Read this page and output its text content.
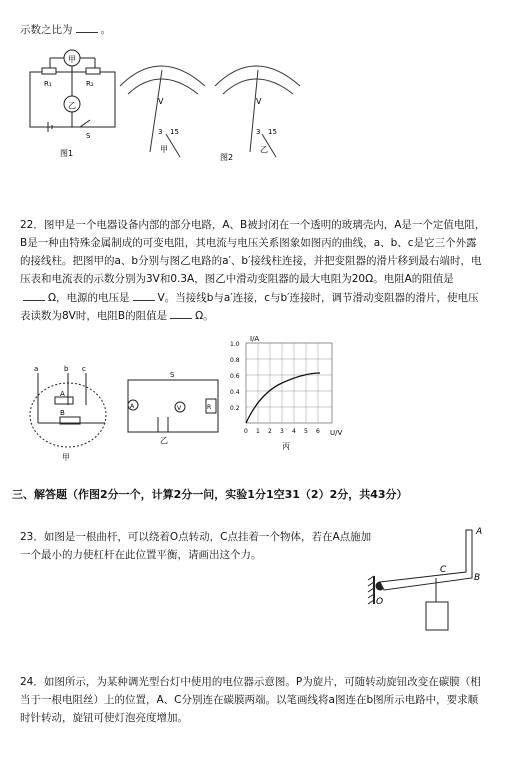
示数之比为	。
甲
R₁	R₂
乙
S
图1
V
3 15
甲
图2
V
3 15
乙
22．图甲是一个电器设备内部的部分电路，A、B被封闭在一个透明的玻璃壳内，A是一个定值电阻，
B是一种由特殊金属制成的可变电阻，其电流与电压关系图象如图丙的曲线，a、b、c是它三个外露
的接线柱。把图甲的a、b分别与图乙电路的a′、b′接线柱连接，并把变阻器的滑片移到最右端时，电
压表和电流表的示数分别为3V和0.3A，图乙中滑动变阻器的最大电阻为20Ω。电阻A的阻值是
Ω，电源的电压是	V。当接线b与a′连接，c与b′连接时，调节滑动变阻器的滑片，使电压
表读数为8V时，电阻B的阻值是	Ω。
a	b c
A
B
甲
A	V	R
S
乙
I/A
U/V
1.0
0.8
0.6
0.4
0.2
0 1 2 3 4 5 6
丙
三、解答题（作图2分一个，计算2分一问，实验1分1空31（2）2分，共43分）
23．如图是一根曲杆，可以绕着O点转动，C点挂着一个物体，若在A点施加
一个最小的力使杠杆在此位置平衡，请画出这个力。
A
B
C
O
24．如图所示，为某种调光型台灯中使用的电位器示意图。P为旋片，可随转动旋钮改变在碳膜（相
当于一根电阻丝）上的位置，A、C分别连在碳膜两端。以笔画线将a图连在b图所示电路中，要求顺
时针转动，旋钮可使灯泡亮度增加。
